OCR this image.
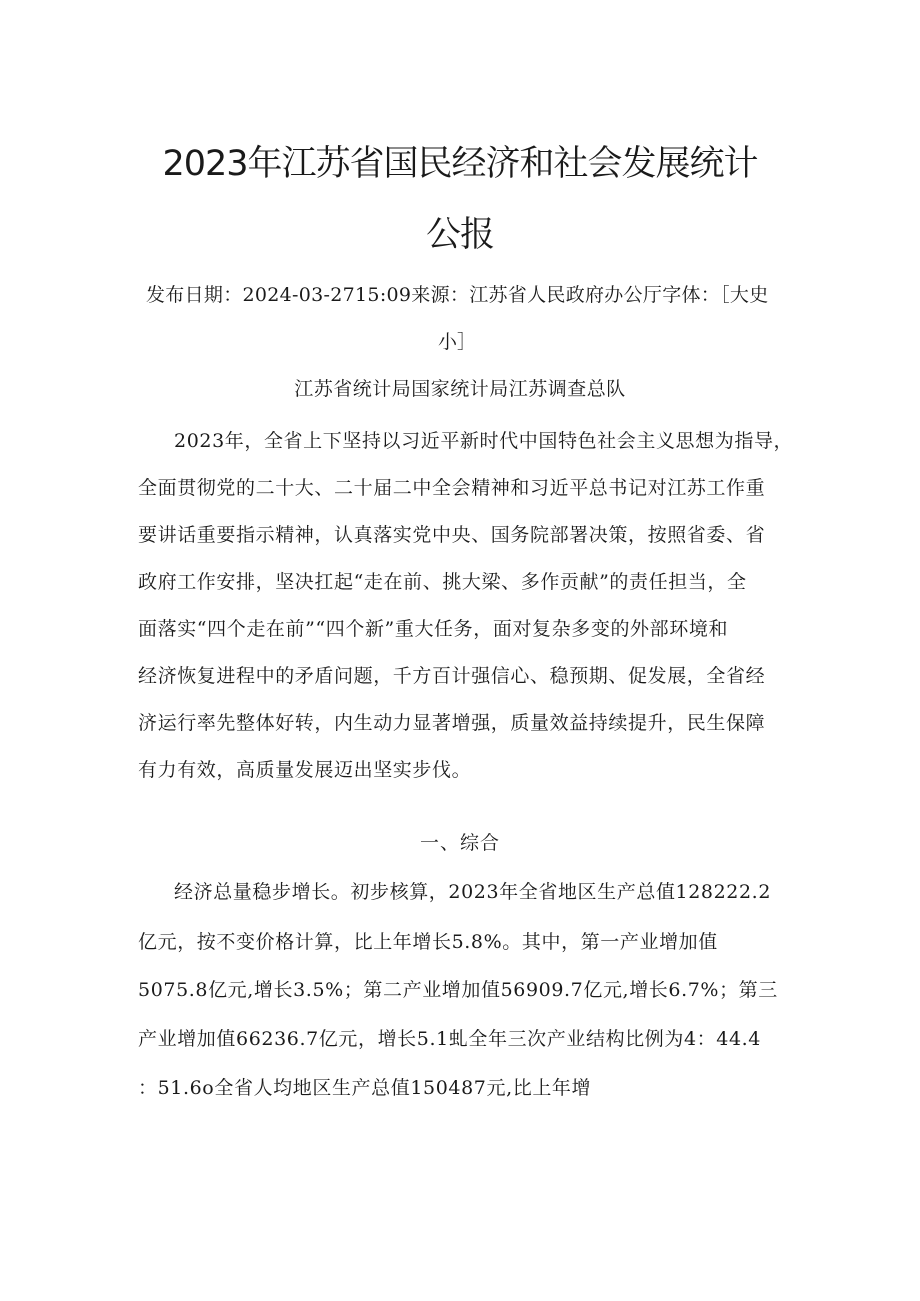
2023年江苏省国民经济和社会发展统计
公报

发布日期：2024-03-2715:09来源：江苏省人民政府办公厅字体：［大史

小］

江苏省统计局国家统计局江苏调查总队

2023年，全省上下坚持以习近平新时代中国特色社会主义思想为指导，

全面贯彻党的二十大、二十届二中全会精神和习近平总书记对江苏工作重

要讲话重要指示精神，认真落实党中央、国务院部署决策，按照省委、省

政府工作安排，坚决扛起“走在前、挑大梁、多作贡献”的责任担当，全

面落实“四个走在前”“四个新”重大任务，面对复杂多变的外部环境和

经济恢复进程中的矛盾问题，千方百计强信心、稳预期、促发展，全省经

济运行率先整体好转，内生动力显著增强，质量效益持续提升，民生保障

有力有效，高质量发展迈出坚实步伐。

一、综合

经济总量稳步增长。初步核算，2023年全省地区生产总值128222.2

亿元，按不变价格计算，比上年增长5.8%。其中，第一产业增加值

5075.8亿元,增长3.5%；第二产业增加值56909.7亿元,增长6.7%；第三

产业增加值66236.7亿元，增长5.1虬全年三次产业结构比例为4：44.4

：51.6o全省人均地区生产总值150487元,比上年增
